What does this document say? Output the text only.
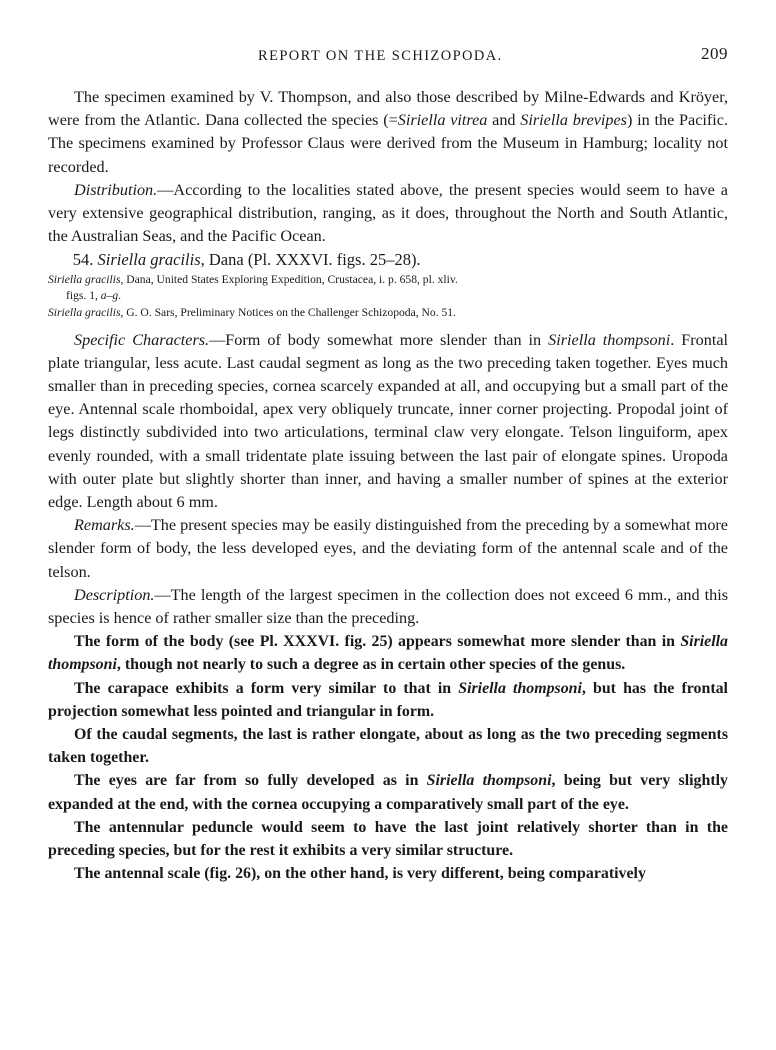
REPORT ON THE SCHIZOPODA.	209

The specimen examined by V. Thompson, and also those described by Milne-Edwards and Kröyer, were from the Atlantic. Dana collected the species (=Siriella vitrea and Siriella brevipes) in the Pacific. The specimens examined by Professor Claus were derived from the Museum in Hamburg; locality not recorded.

Distribution.—According to the localities stated above, the present species would seem to have a very extensive geographical distribution, ranging, as it does, throughout the North and South Atlantic, the Australian Seas, and the Pacific Ocean.

54. Siriella gracilis, Dana (Pl. XXXVI. figs. 25–28).

Siriella gracilis, Dana, United States Exploring Expedition, Crustacea, i. p. 658, pl. xliv.
figs. 1, a–g.

Siriella gracilis, G. O. Sars, Preliminary Notices on the Challenger Schizopoda, No. 51.

Specific Characters.—Form of body somewhat more slender than in Siriella thompsoni. Frontal plate triangular, less acute. Last caudal segment as long as the two preceding taken together. Eyes much smaller than in preceding species, cornea scarcely expanded at all, and occupying but a small part of the eye. Antennal scale rhomboidal, apex very obliquely truncate, inner corner projecting. Propodal joint of legs distinctly subdivided into two articulations, terminal claw very elongate. Telson linguiform, apex evenly rounded, with a small tridentate plate issuing between the last pair of elongate spines. Uropoda with outer plate but slightly shorter than inner, and having a smaller number of spines at the exterior edge. Length about 6 mm.

Remarks.—The present species may be easily distinguished from the preceding by a somewhat more slender form of body, the less developed eyes, and the deviating form of the antennal scale and of the telson.

Description.—The length of the largest specimen in the collection does not exceed 6 mm., and this species is hence of rather smaller size than the preceding.

The form of the body (see Pl. XXXVI. fig. 25) appears somewhat more slender than in Siriella thompsoni, though not nearly to such a degree as in certain other species of the genus.

The carapace exhibits a form very similar to that in Siriella thompsoni, but has the frontal projection somewhat less pointed and triangular in form.

Of the caudal segments, the last is rather elongate, about as long as the two preceding segments taken together.

The eyes are far from so fully developed as in Siriella thompsoni, being but very slightly expanded at the end, with the cornea occupying a comparatively small part of the eye.

The antennular peduncle would seem to have the last joint relatively shorter than in the preceding species, but for the rest it exhibits a very similar structure.

The antennal scale (fig. 26), on the other hand, is very different, being comparatively
